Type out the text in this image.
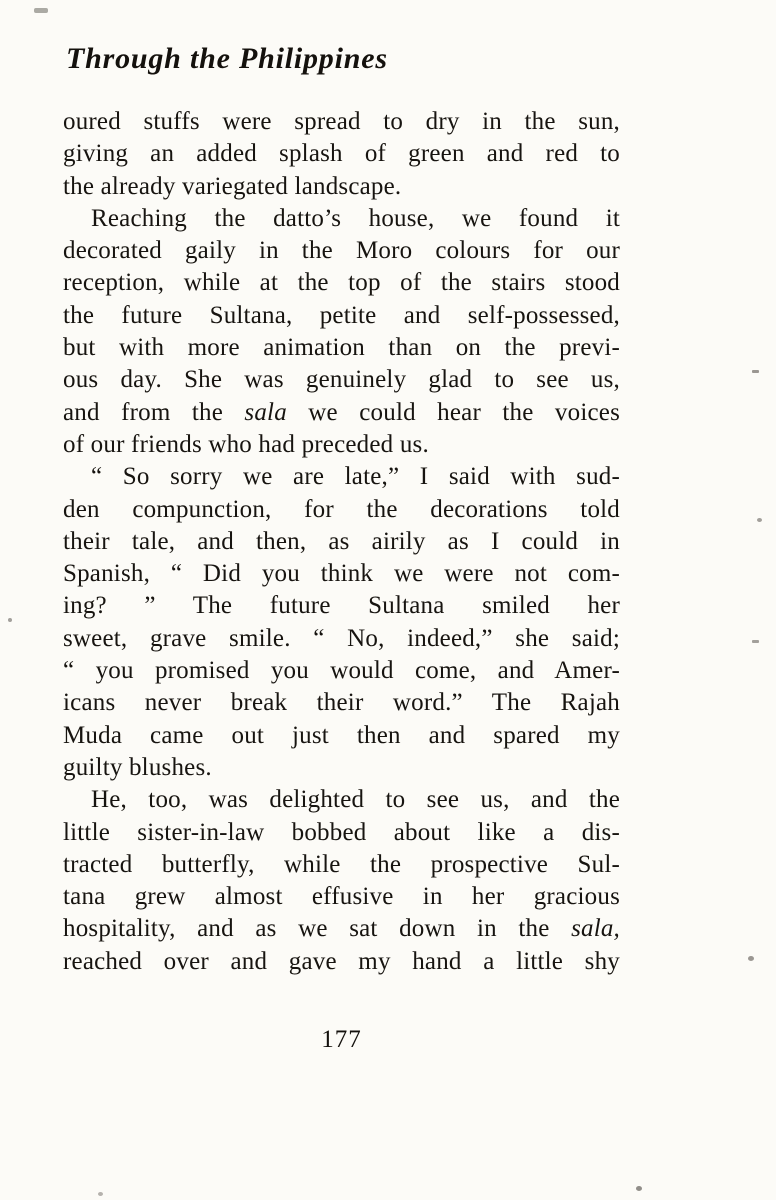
Through the Philippines
oured stuffs were spread to dry in the sun,
giving an added splash of green and red to
the already variegated landscape.
Reaching the datto’s house, we found it
decorated gaily in the Moro colours for our
reception, while at the top of the stairs stood
the future Sultana, petite and self-possessed,
but with more animation than on the previ-
ous day. She was genuinely glad to see us,
and from the sala we could hear the voices
of our friends who had preceded us.
“ So sorry we are late,” I said with sud-
den compunction, for the decorations told
their tale, and then, as airily as I could in
Spanish, “ Did you think we were not com-
ing? ” The future Sultana smiled her
sweet, grave smile. “ No, indeed,” she said;
“ you promised you would come, and Amer-
icans never break their word.” The Rajah
Muda came out just then and spared my
guilty blushes.
He, too, was delighted to see us, and the
little sister-in-law bobbed about like a dis-
tracted butterfly, while the prospective Sul-
tana grew almost effusive in her gracious
hospitality, and as we sat down in the sala,
reached over and gave my hand a little shy
177
